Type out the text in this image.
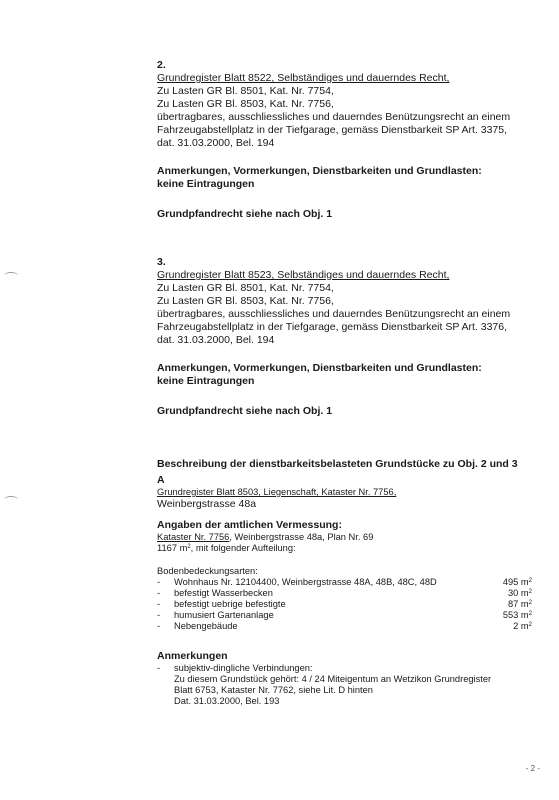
2.
Grundregister Blatt 8522, Selbständiges und dauerndes Recht,
Zu Lasten GR Bl. 8501, Kat. Nr. 7754,
Zu Lasten GR Bl. 8503, Kat. Nr. 7756,
übertragbares, ausschliessliches und dauerndes Benützungsrecht an einem
Fahrzeugabstellplatz in der Tiefgarage, gemäss Dienstbarkeit SP Art. 3375,
dat. 31.03.2000, Bel. 194
Anmerkungen, Vormerkungen, Dienstbarkeiten und Grundlasten:
keine Eintragungen
Grundpfandrecht siehe nach Obj. 1
3.
Grundregister Blatt 8523, Selbständiges und dauerndes Recht,
Zu Lasten GR Bl. 8501, Kat. Nr. 7754,
Zu Lasten GR Bl. 8503, Kat. Nr. 7756,
übertragbares, ausschliessliches und dauerndes Benützungsrecht an einem
Fahrzeugabstellplatz in der Tiefgarage, gemäss Dienstbarkeit SP Art. 3376,
dat. 31.03.2000, Bel. 194
Anmerkungen, Vormerkungen, Dienstbarkeiten und Grundlasten:
keine Eintragungen
Grundpfandrecht siehe nach Obj. 1
Beschreibung der dienstbarkeitsbelasteten Grundstücke zu Obj. 2 und 3
A
Grundregister Blatt 8503, Liegenschaft, Kataster Nr. 7756,
Weinbergstrasse 48a
Angaben der amtlichen Vermessung:
Kataster Nr. 7756, Weinbergstrasse 48a, Plan Nr. 69
1167 $m^2$, mit folgender Aufteilung:
Bodenbedeckungsarten:
- Wohnhaus Nr. 12104400, Weinbergstrasse 48A, 48B, 48C, 48D	495 $m^2$
- befestigt Wasserbecken	30 $m^2$
- befestigt uebrige befestigte	87 $m^2$
- humusiert Gartenanlage	553 $m^2$
- Nebengebäude	2 $m^2$
Anmerkungen
- subjektiv-dingliche Verbindungen:
Zu diesem Grundstück gehört: 4 / 24 Miteigentum an Wetzikon Grundregister
Blatt 6753, Kataster Nr. 7762, siehe Lit. D hinten
Dat. 31.03.2000, Bel. 193
- 2 -
